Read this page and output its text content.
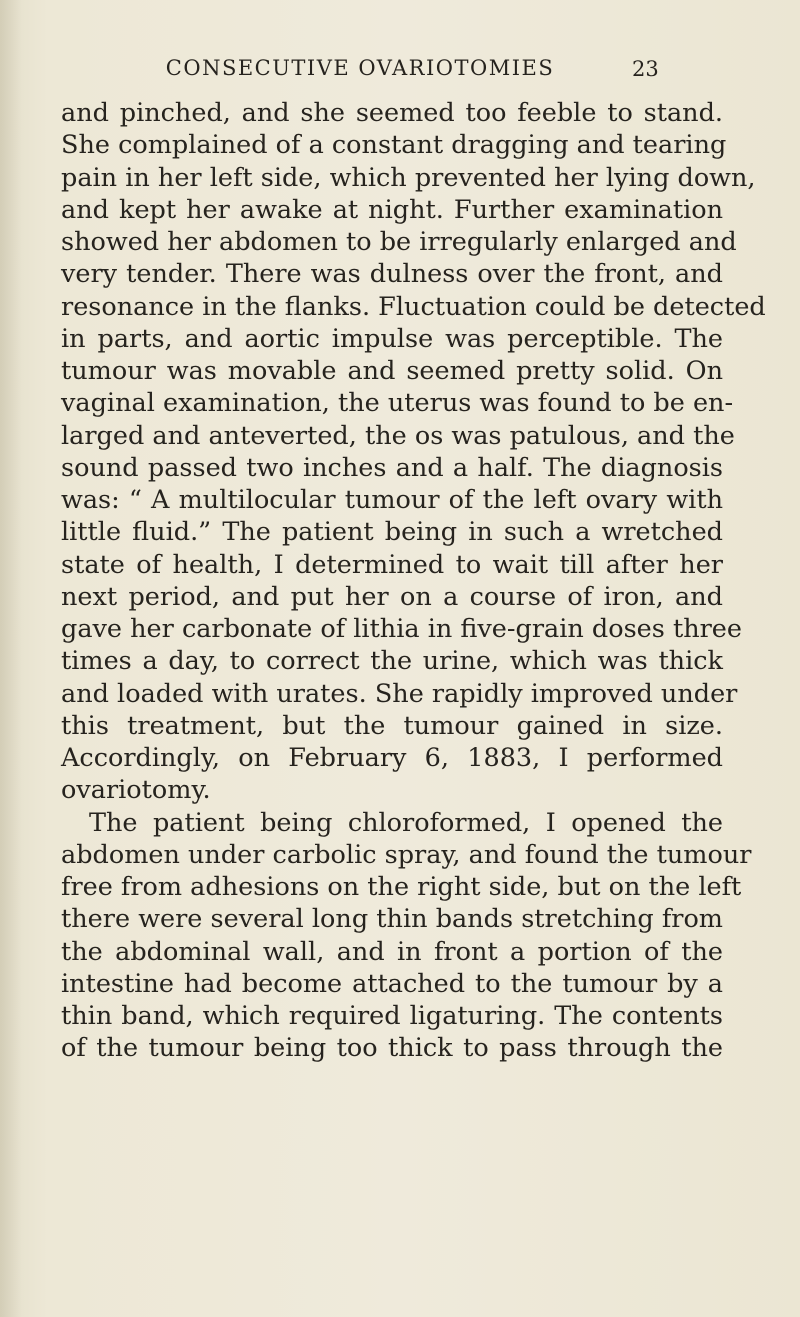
CONSECUTIVE OVARIOTOMIES	23
and pinched, and she seemed too feeble to stand.
She complained of a constant dragging and tearing
pain in her left side, which prevented her lying down,
and kept her awake at night. Further examination
showed her abdomen to be irregularly enlarged and
very tender. There was dulness over the front, and
resonance in the flanks. Fluctuation could be detected
in parts, and aortic impulse was perceptible. The
tumour was movable and seemed pretty solid. On
vaginal examination, the uterus was found to be en-
larged and anteverted, the os was patulous, and the
sound passed two inches and a half. The diagnosis
was: “ A multilocular tumour of the left ovary with
little fluid.” The patient being in such a wretched
state of health, I determined to wait till after her
next period, and put her on a course of iron, and
gave her carbonate of lithia in five-grain doses three
times a day, to correct the urine, which was thick
and loaded with urates. She rapidly improved under
this treatment, but the tumour gained in size.
Accordingly, on February 6, 1883, I performed
ovariotomy.
The patient being chloroformed, I opened the
abdomen under carbolic spray, and found the tumour
free from adhesions on the right side, but on the left
there were several long thin bands stretching from
the abdominal wall, and in front a portion of the
intestine had become attached to the tumour by a
thin band, which required ligaturing. The contents
of the tumour being too thick to pass through the
